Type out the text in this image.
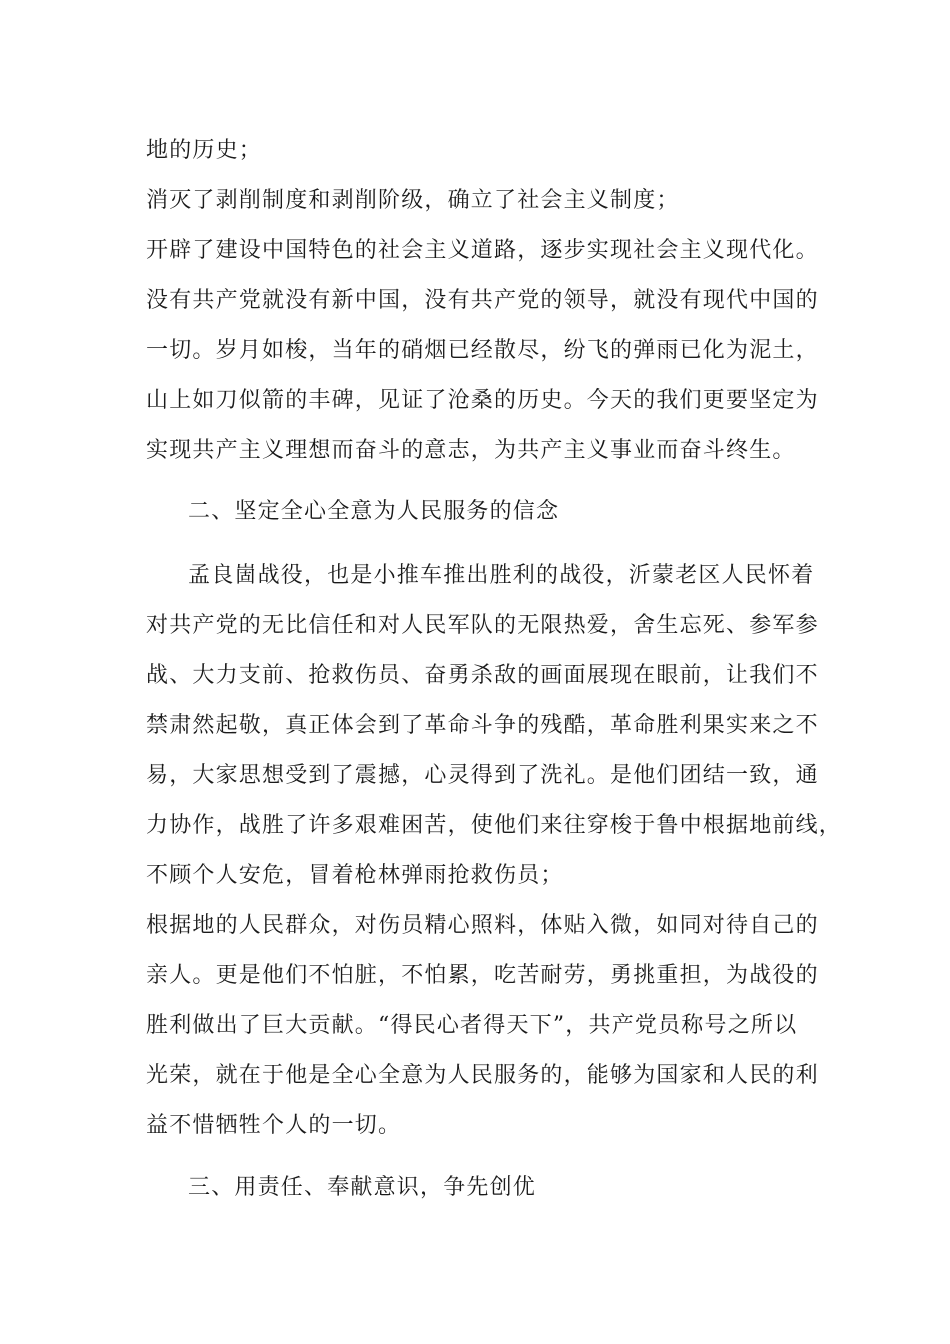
地的历史；
消灭了剥削制度和剥削阶级，确立了社会主义制度；
开辟了建设中国特色的社会主义道路，逐步实现社会主义现代化。
没有共产党就没有新中国，没有共产党的领导，就没有现代中国的
一切。岁月如梭，当年的硝烟已经散尽，纷飞的弹雨已化为泥土，
山上如刀似箭的丰碑，见证了沧桑的历史。今天的我们更要坚定为
实现共产主义理想而奋斗的意志，为共产主义事业而奋斗终生。
二、坚定全心全意为人民服务的信念
孟良崮战役，也是小推车推出胜利的战役，沂蒙老区人民怀着
对共产党的无比信任和对人民军队的无限热爱，舍生忘死、参军参
战、大力支前、抢救伤员、奋勇杀敌的画面展现在眼前，让我们不
禁肃然起敬，真正体会到了革命斗争的残酷，革命胜利果实来之不
易，大家思想受到了震撼，心灵得到了洗礼。是他们团结一致，通
力协作，战胜了许多艰难困苦，使他们来往穿梭于鲁中根据地前线，
不顾个人安危，冒着枪林弹雨抢救伤员；
根据地的人民群众，对伤员精心照料，体贴入微，如同对待自己的
亲人。更是他们不怕脏，不怕累，吃苦耐劳，勇挑重担，为战役的
胜利做出了巨大贡献。“得民心者得天下”，共产党员称号之所以
光荣，就在于他是全心全意为人民服务的，能够为国家和人民的利
益不惜牺牲个人的一切。
三、用责任、奉献意识，争先创优
